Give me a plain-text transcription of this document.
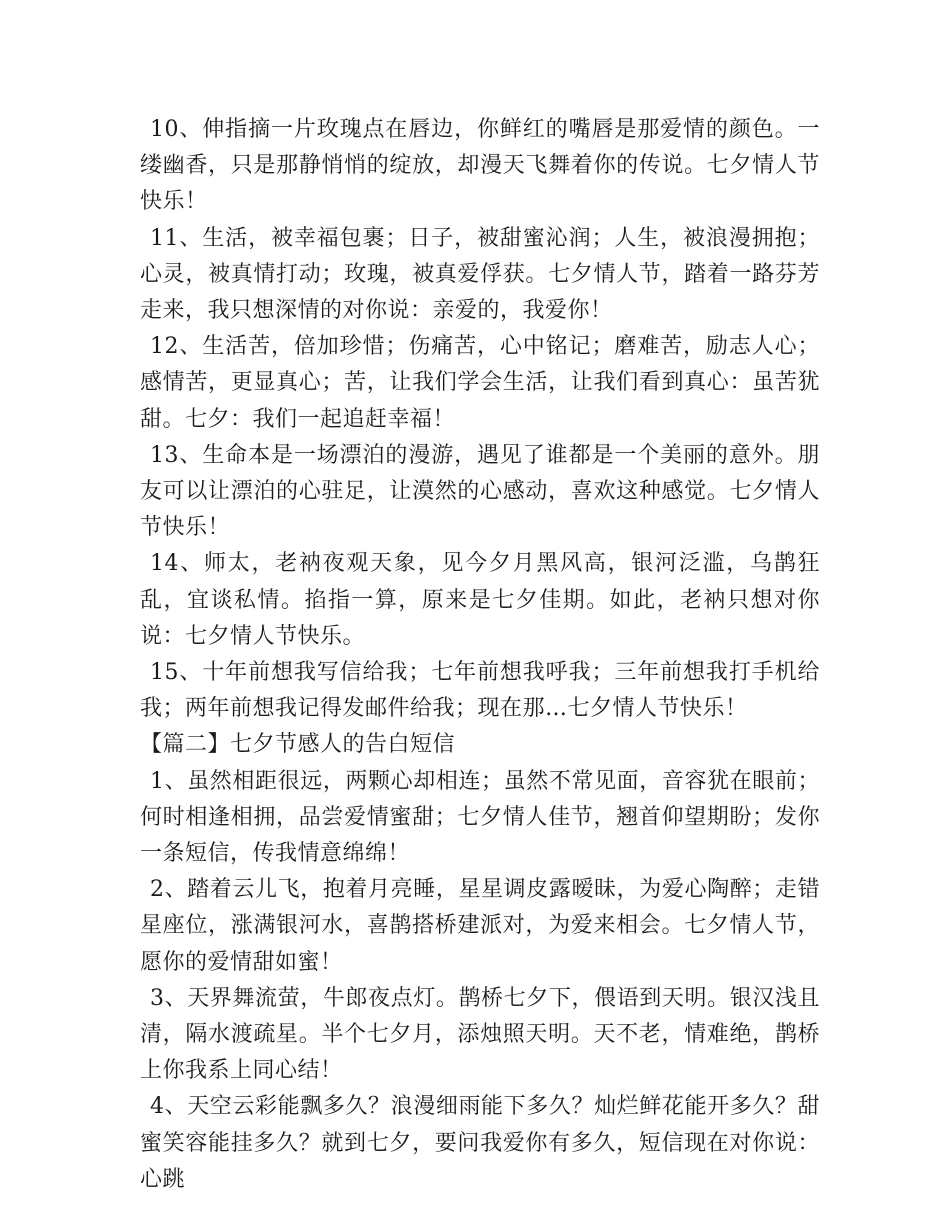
10、伸指摘一片玫瑰点在唇边，你鲜红的嘴唇是那爱情的颜色。一缕幽香，只是那静悄悄的绽放，却漫天飞舞着你的传说。七夕情人节快乐！

11、生活，被幸福包裹；日子，被甜蜜沁润；人生，被浪漫拥抱；心灵，被真情打动；玫瑰，被真爱俘获。七夕情人节，踏着一路芬芳走来，我只想深情的对你说：亲爱的，我爱你！

12、生活苦，倍加珍惜；伤痛苦，心中铭记；磨难苦，励志人心；感情苦，更显真心；苦，让我们学会生活，让我们看到真心：虽苦犹甜。七夕：我们一起追赶幸福！

13、生命本是一场漂泊的漫游，遇见了谁都是一个美丽的意外。朋友可以让漂泊的心驻足，让漠然的心感动，喜欢这种感觉。七夕情人节快乐！

14、师太，老衲夜观天象，见今夕月黑风高，银河泛滥，乌鹊狂乱，宜谈私情。掐指一算，原来是七夕佳期。如此，老衲只想对你说：七夕情人节快乐。

15、十年前想我写信给我；七年前想我呼我；三年前想我打手机给我；两年前想我记得发邮件给我；现在那…七夕情人节快乐！

【篇二】七夕节感人的告白短信

1、虽然相距很远，两颗心却相连；虽然不常见面，音容犹在眼前；何时相逢相拥，品尝爱情蜜甜；七夕情人佳节，翘首仰望期盼；发你一条短信，传我情意绵绵！

2、踏着云儿飞，抱着月亮睡，星星调皮露暧昧，为爱心陶醉；走错星座位，涨满银河水，喜鹊搭桥建派对，为爱来相会。七夕情人节，愿你的爱情甜如蜜！

3、天界舞流萤，牛郎夜点灯。鹊桥七夕下，偎语到天明。银汉浅且清，隔水渡疏星。半个七夕月，添烛照天明。天不老，情难绝，鹊桥上你我系上同心结！

4、天空云彩能飘多久？浪漫细雨能下多久？灿烂鲜花能开多久？甜蜜笑容能挂多久？就到七夕，要问我爱你有多久，短信现在对你说：心跳
